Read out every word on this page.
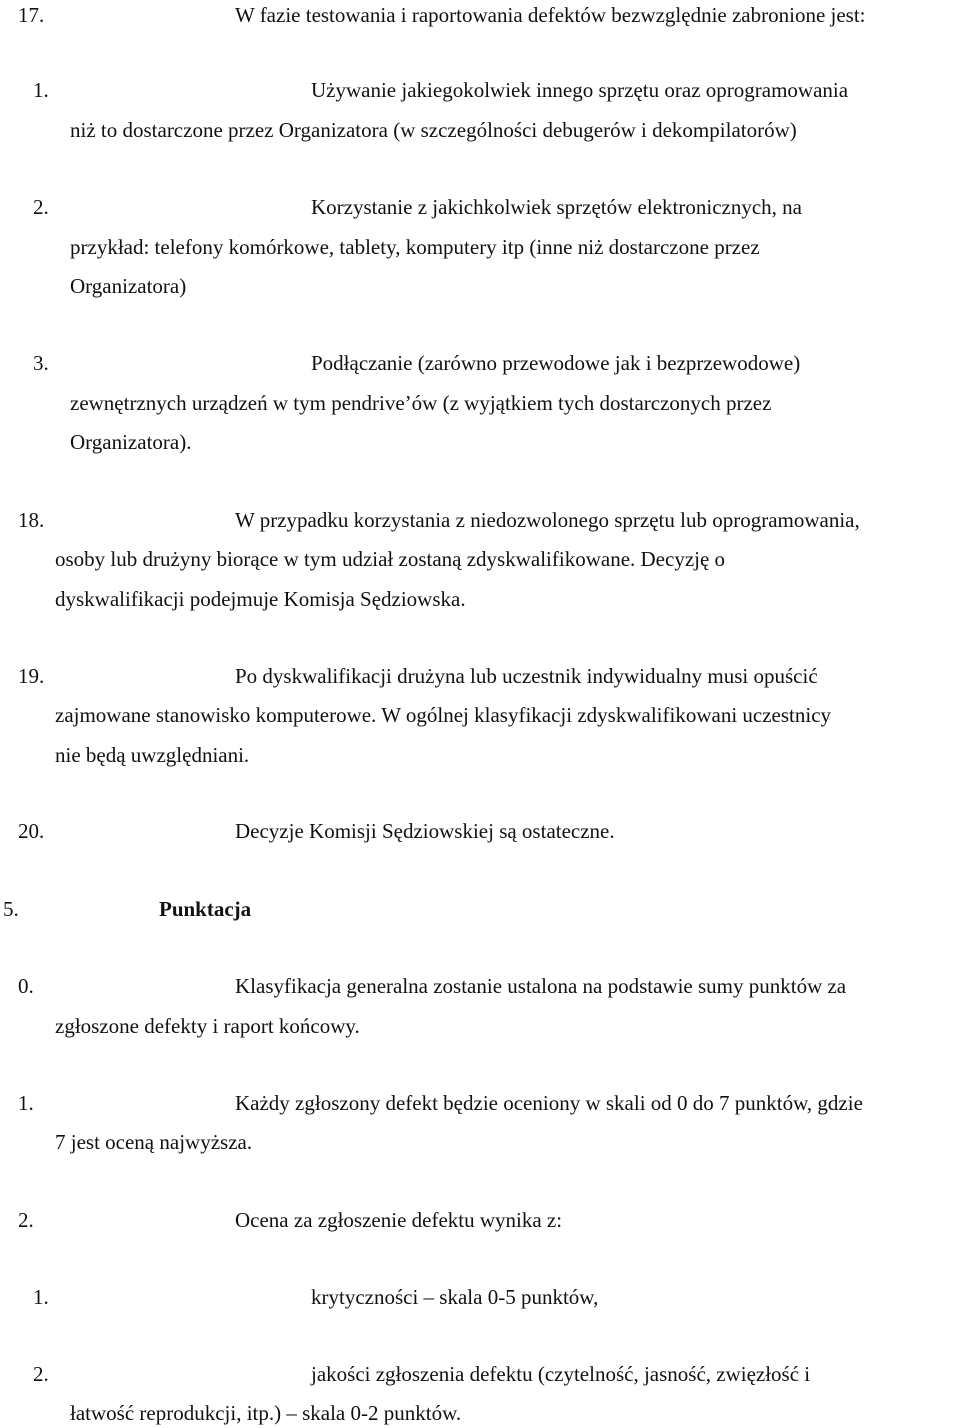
17.	W fazie testowania i raportowania defektów bezwzględnie zabronione jest:
1.	Używanie jakiegokolwiek innego sprzętu oraz oprogramowania
niż to dostarczone przez Organizatora (w szczególności debugerów i dekompilatorów)
2.	Korzystanie z jakichkolwiek sprzętów elektronicznych, na
przykład: telefony komórkowe, tablety, komputery itp (inne niż dostarczone przez
Organizatora)
3.	Podłączanie (zarówno przewodowe jak i bezprzewodowe)
zewnętrznych urządzeń w tym pendrive’ów (z wyjątkiem tych dostarczonych przez
Organizatora).
18.	W przypadku korzystania z niedozwolonego sprzętu lub oprogramowania,
osoby lub drużyny biorące w tym udział zostaną zdyskwalifikowane. Decyzję o
dyskwalifikacji podejmuje Komisja Sędziowska.
19.	Po dyskwalifikacji drużyna lub uczestnik indywidualny musi opuścić
zajmowane stanowisko komputerowe. W ogólnej klasyfikacji zdyskwalifikowani uczestnicy
nie będą uwzględniani.
20.	Decyzje Komisji Sędziowskiej są ostateczne.
5.	Punktacja
0.	Klasyfikacja generalna zostanie ustalona na podstawie sumy punktów za
zgłoszone defekty i raport końcowy.
1.	Każdy zgłoszony defekt będzie oceniony w skali od 0 do 7 punktów, gdzie
7 jest oceną najwyższa.
2.	Ocena za zgłoszenie defektu wynika z:
1.	krytyczności – skala 0-5 punktów,
2.	jakości zgłoszenia defektu (czytelność, jasność, zwięzłość i
łatwość reprodukcji, itp.) – skala 0-2 punktów.
